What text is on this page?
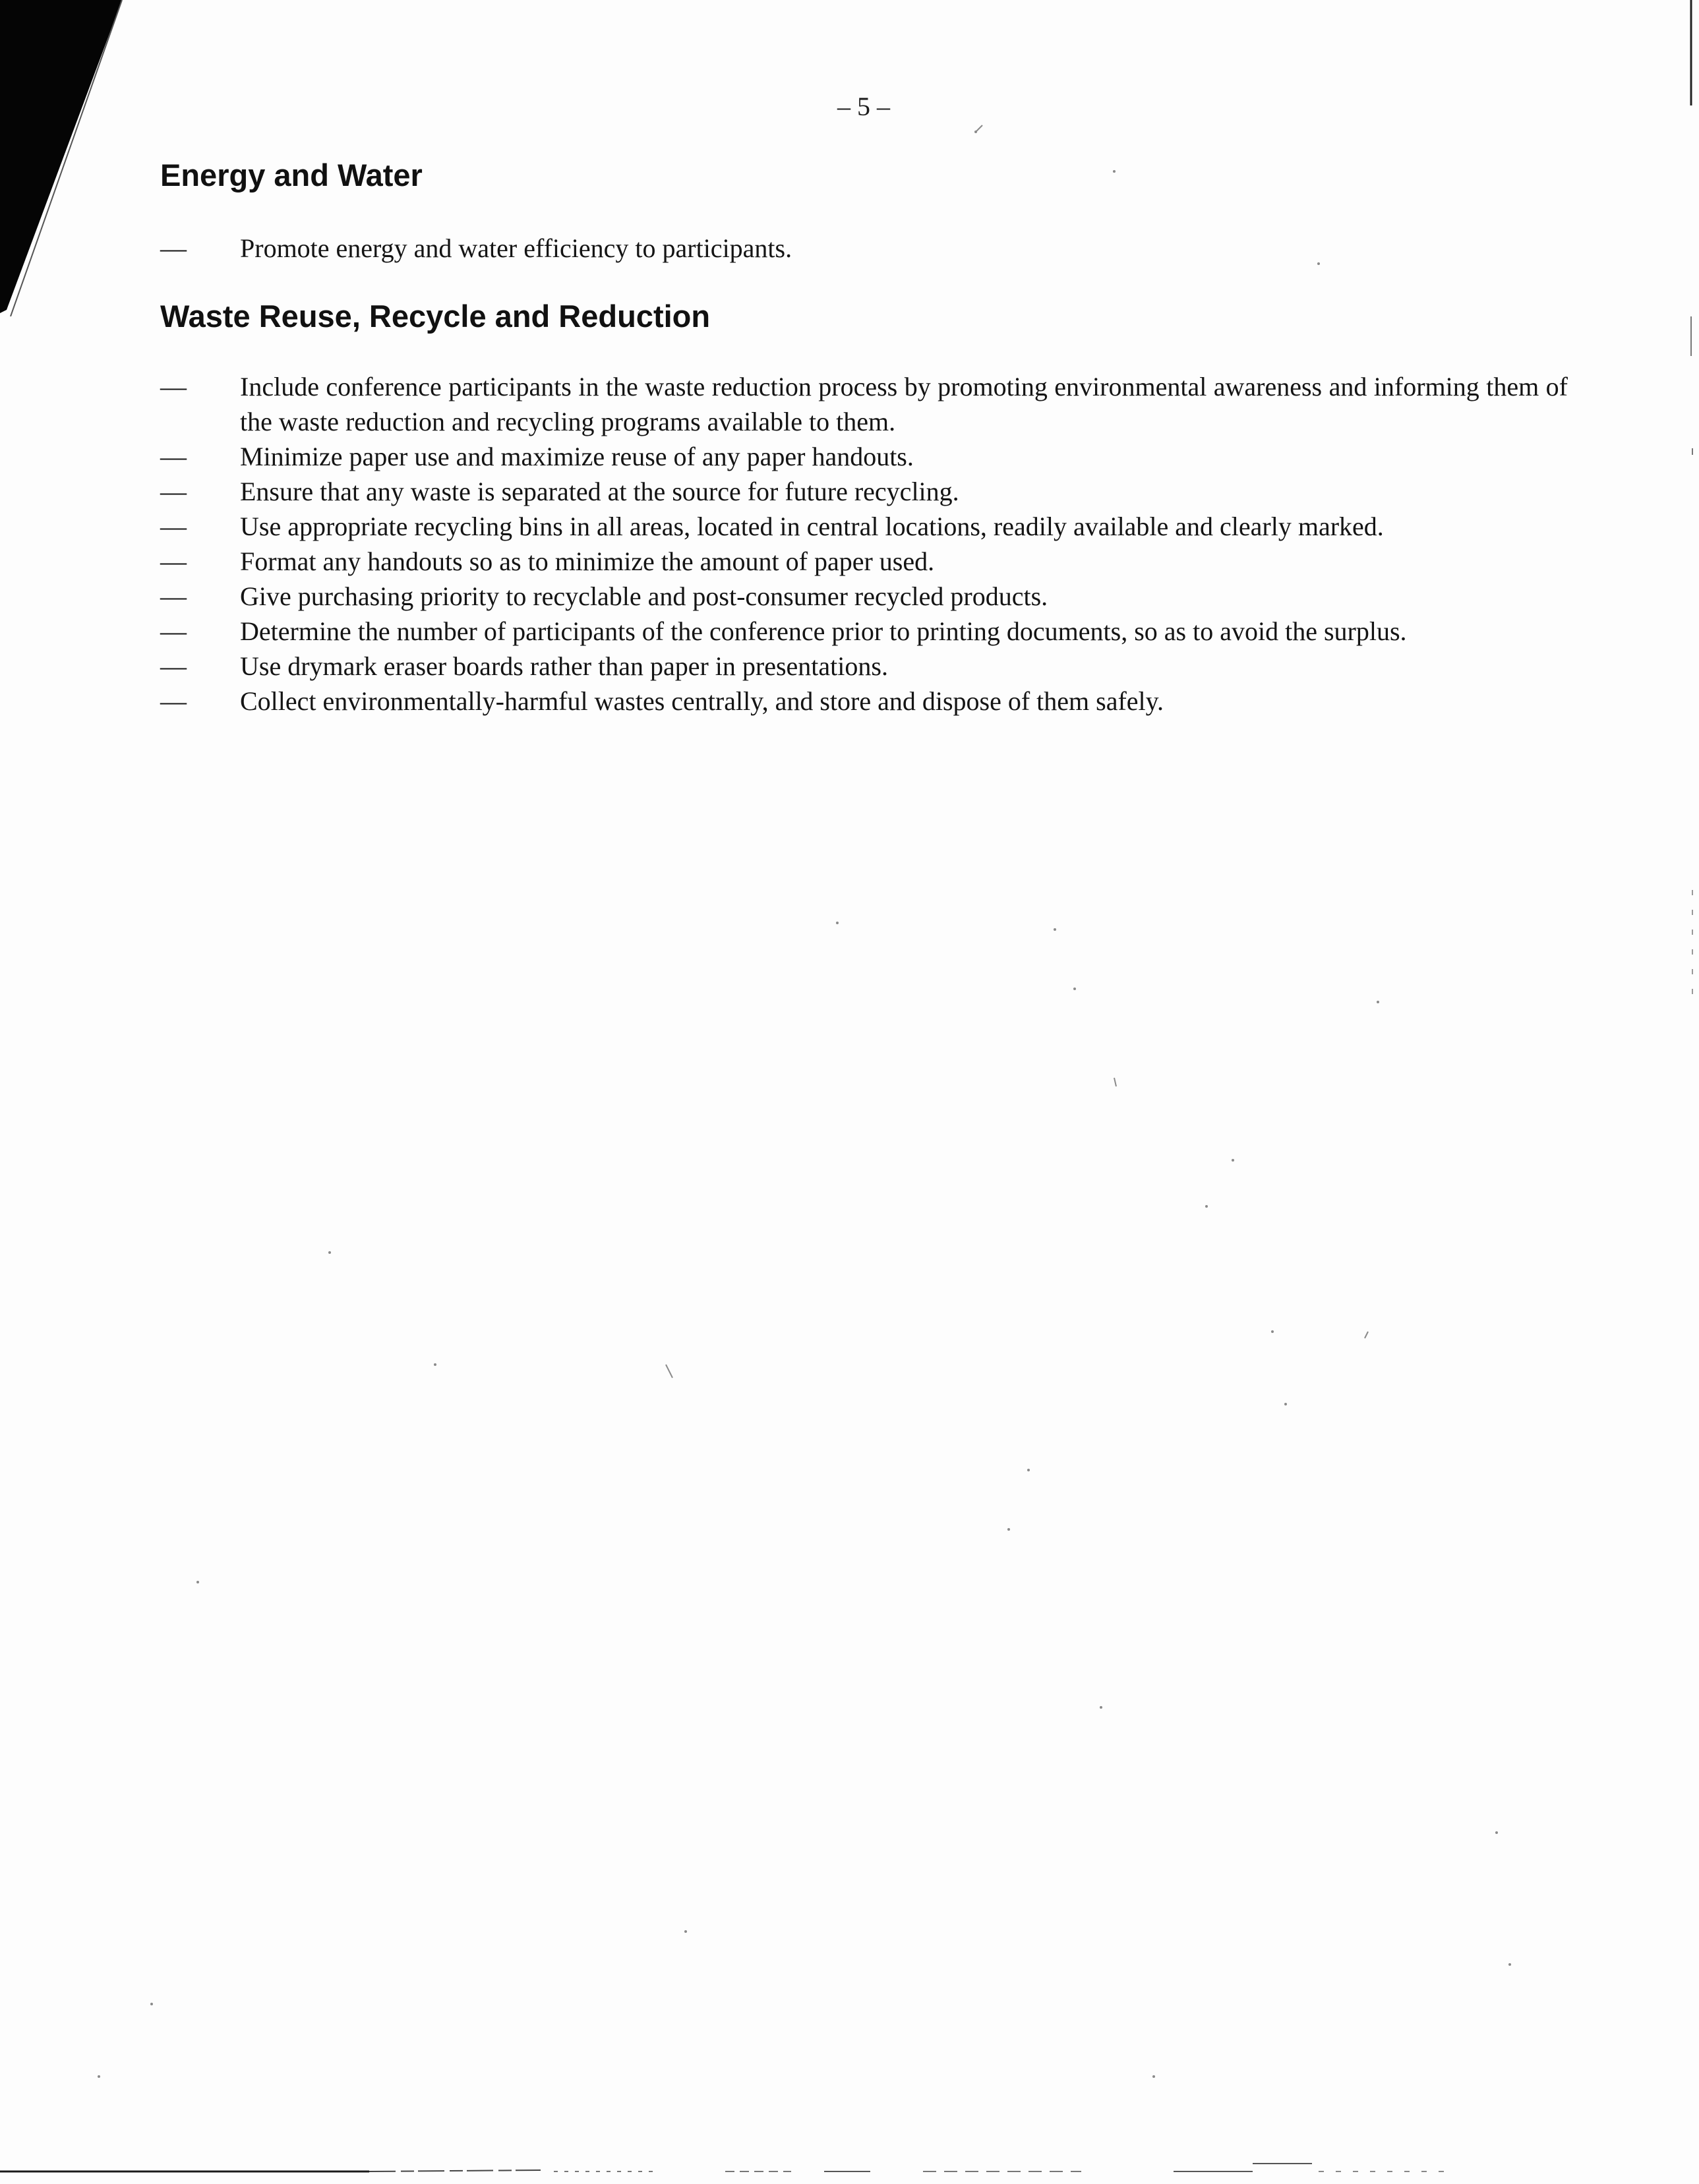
– 5 –
Energy and Water
—	Promote energy and water efficiency to participants.
Waste Reuse, Recycle and Reduction
—	Include conference participants in the waste reduction process by promoting environmental awareness and informing them of the waste reduction and recycling programs available to them.
—	Minimize paper use and maximize reuse of any paper handouts.
—	Ensure that any waste is separated at the source for future recycling.
—	Use appropriate recycling bins in all areas, located in central locations, readily available and clearly marked.
—	Format any handouts so as to minimize the amount of paper used.
—	Give purchasing priority to recyclable and post-consumer recycled products.
—	Determine the number of participants of the conference prior to printing documents, so as to avoid the surplus.
—	Use drymark eraser boards rather than paper in presentations.
—	Collect environmentally-harmful wastes centrally, and store and dispose of them safely.
